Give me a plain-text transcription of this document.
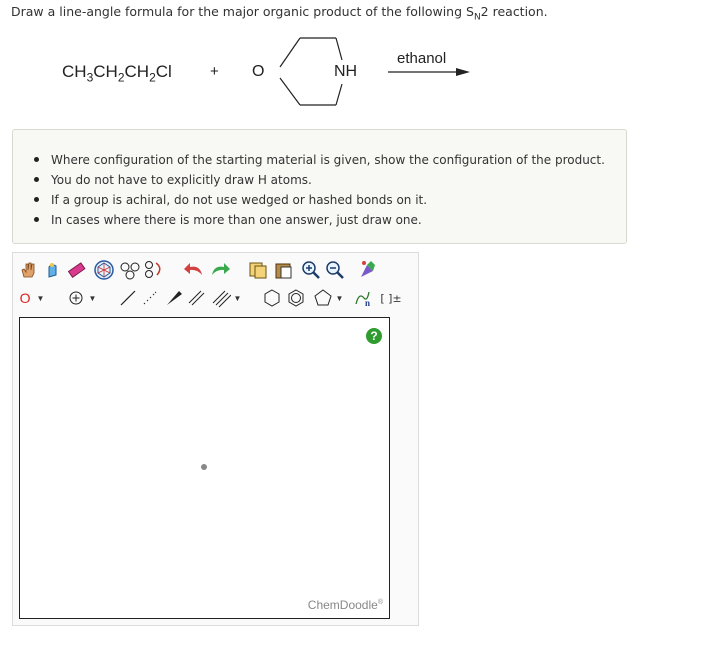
Draw a line-angle formula for the major organic product of the following $S_N2$ reaction.
$CH_3CH_2CH_2Cl$	+ O	NH
ethanol
Where configuration of the starting material is given, show the configuration of the product.
You do not have to explicitly draw H atoms.
If a group is achiral, do not use wedged or hashed bonds on it.
In cases where there is more than one answer, just draw one.
O ▼	▼	▼	▼ n [ ]±
?
ChemDoodle®
